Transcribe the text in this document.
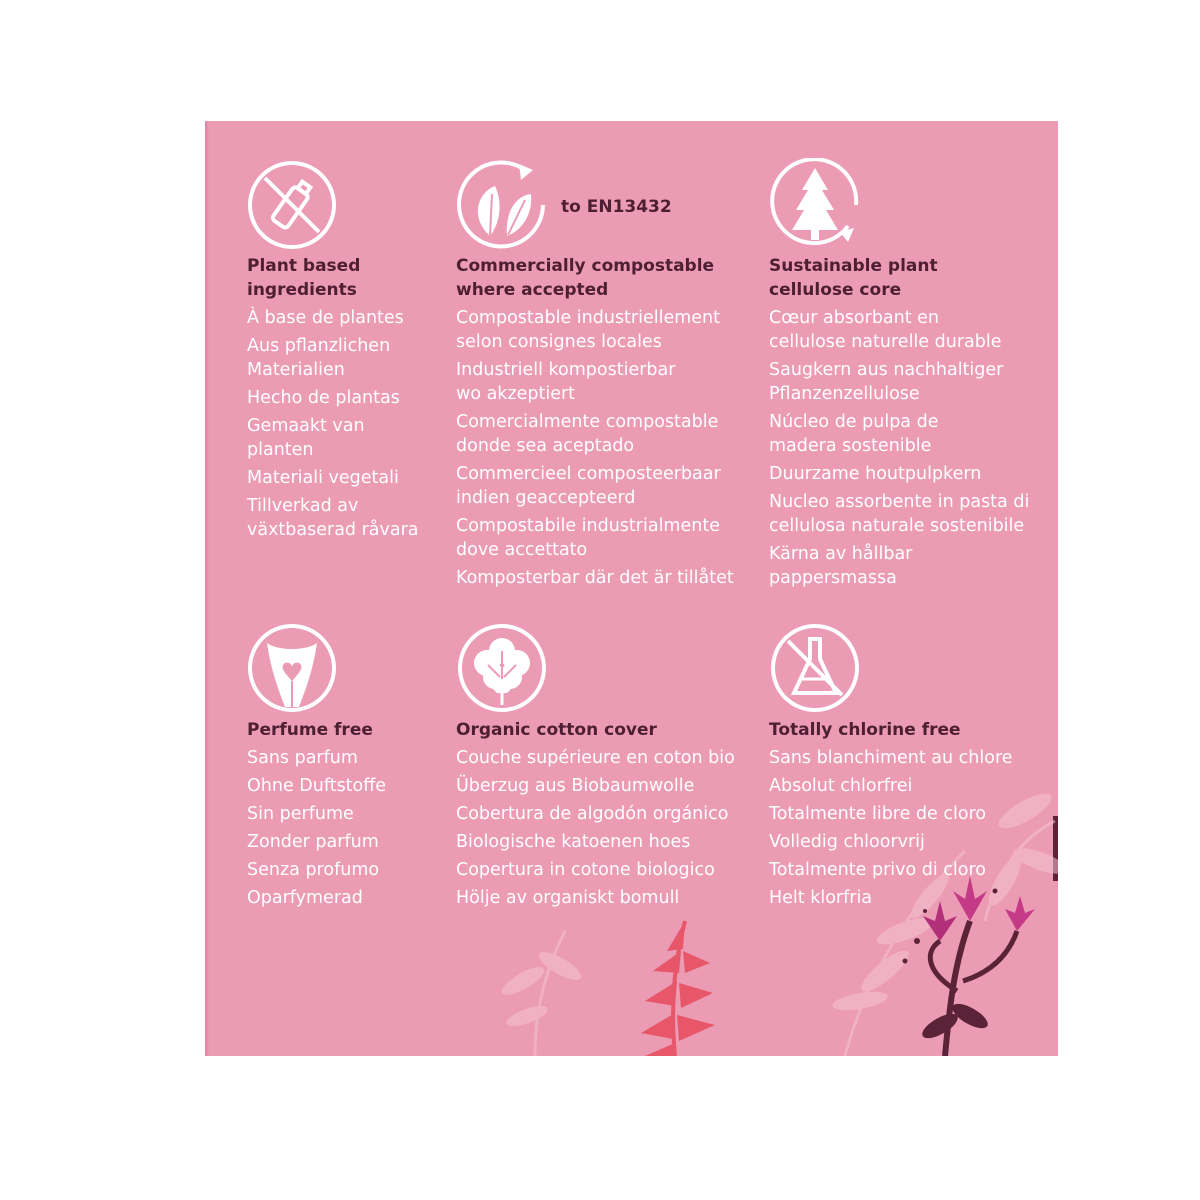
to EN13432
Plant based
ingredients
À base de plantes
Aus pflanzlichen
Materialien
Hecho de plantas
Gemaakt van
planten
Materiali vegetali
Tillverkad av
växtbaserad råvara
Commercially compostable
where accepted
Compostable industriellement
selon consignes locales
Industriell kompostierbar
wo akzeptiert
Comercialmente compostable
donde sea aceptado
Commercieel composteerbaar
indien geaccepteerd
Compostabile industrialmente
dove accettato
Komposterbar där det är tillåtet
Sustainable plant
cellulose core
Cœur absorbant en
cellulose naturelle durable
Saugkern aus nachhaltiger
Pflanzenzellulose
Núcleo de pulpa de
madera sostenible
Duurzame houtpulpkern
Nucleo assorbente in pasta di
cellulosa naturale sostenibile
Kärna av hållbar
pappersmassa
Perfume free
Sans parfum
Ohne Duftstoffe
Sin perfume
Zonder parfum
Senza profumo
Oparfymerad
Organic cotton cover
Couche supérieure en coton bio
Überzug aus Biobaumwolle
Cobertura de algodón orgánico
Biologische katoenen hoes
Copertura in cotone biologico
Hölje av organiskt bomull
Totally chlorine free
Sans blanchiment au chlore
Absolut chlorfrei
Totalmente libre de cloro
Volledig chloorvrij
Totalmente privo di cloro
Helt klorfria
